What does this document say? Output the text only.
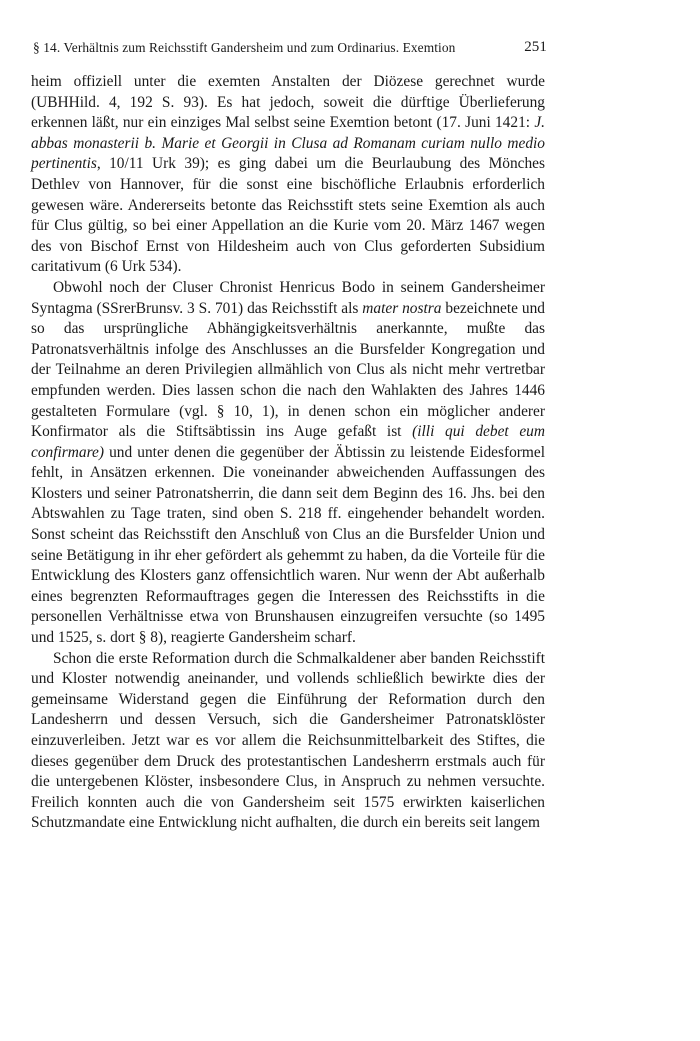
§ 14. Verhältnis zum Reichsstift Gandersheim und zum Ordinarius. Exemtion	251

heim offiziell unter die exemten Anstalten der Diözese gerechnet wurde (UBHHild. 4, 192 S. 93). Es hat jedoch, soweit die dürftige Überlieferung erkennen läßt, nur ein einziges Mal selbst seine Exemtion betont (17. Juni 1421: J. abbas monasterii b. Marie et Georgii in Clusa ad Romanam curiam nullo medio pertinentis, 10/11 Urk 39); es ging dabei um die Beurlaubung des Mönches Dethlev von Hannover, für die sonst eine bischöfliche Erlaubnis erforderlich gewesen wäre. Andererseits betonte das Reichsstift stets seine Exemtion als auch für Clus gültig, so bei einer Appellation an die Kurie vom 20. März 1467 wegen des von Bischof Ernst von Hildesheim auch von Clus geforderten Subsidium caritativum (6 Urk 534).

Obwohl noch der Cluser Chronist Henricus Bodo in seinem Gandersheimer Syntagma (SSrerBrunsv. 3 S. 701) das Reichsstift als mater nostra bezeichnete und so das ursprüngliche Abhängigkeitsverhältnis anerkannte, mußte das Patronatsverhältnis infolge des Anschlusses an die Bursfelder Kongregation und der Teilnahme an deren Privilegien allmählich von Clus als nicht mehr vertretbar empfunden werden. Dies lassen schon die nach den Wahlakten des Jahres 1446 gestalteten Formulare (vgl. § 10, 1), in denen schon ein möglicher anderer Konfirmator als die Stiftsäbtissin ins Auge gefaßt ist (illi qui debet eum confirmare) und unter denen die gegenüber der Äbtissin zu leistende Eidesformel fehlt, in Ansätzen erkennen. Die voneinander abweichenden Auffassungen des Klosters und seiner Patronatsherrin, die dann seit dem Beginn des 16. Jhs. bei den Abtswahlen zu Tage traten, sind oben S. 218 ff. eingehender behandelt worden. Sonst scheint das Reichsstift den Anschluß von Clus an die Bursfelder Union und seine Betätigung in ihr eher gefördert als gehemmt zu haben, da die Vorteile für die Entwicklung des Klosters ganz offensichtlich waren. Nur wenn der Abt außerhalb eines begrenzten Reformauftrages gegen die Interessen des Reichsstifts in die personellen Verhältnisse etwa von Brunshausen einzugreifen versuchte (so 1495 und 1525, s. dort § 8), reagierte Gandersheim scharf.

Schon die erste Reformation durch die Schmalkaldener aber banden Reichsstift und Kloster notwendig aneinander, und vollends schließlich bewirkte dies der gemeinsame Widerstand gegen die Einführung der Reformation durch den Landesherrn und dessen Versuch, sich die Gandersheimer Patronatsklöster einzuverleiben. Jetzt war es vor allem die Reichsunmittelbarkeit des Stiftes, die dieses gegenüber dem Druck des protestantischen Landesherrn erstmals auch für die untergebenen Klöster, insbesondere Clus, in Anspruch zu nehmen versuchte. Freilich konnten auch die von Gandersheim seit 1575 erwirkten kaiserlichen Schutzmandate eine Entwicklung nicht aufhalten, die durch ein bereits seit langem
